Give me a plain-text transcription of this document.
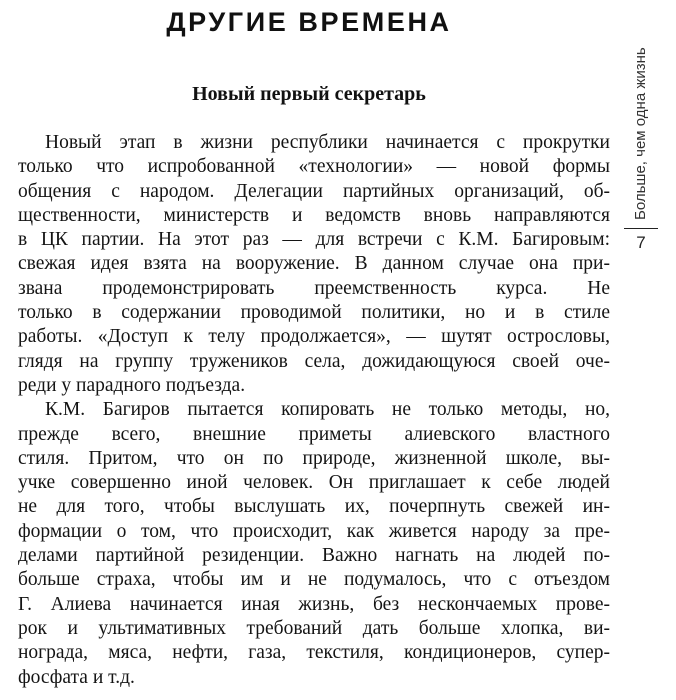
ДРУГИЕ ВРЕМЕНА
Новый первый секретарь

Новый этап в жизни республики начинается с прокрутки
только что испробованной «технологии» — новой формы
общения с народом. Делегации партийных организаций, об-
щественности, министерств и ведомств вновь направляются
в ЦК партии. На этот раз — для встречи с К.М. Багировым:
свежая идея взята на вооружение. В данном случае она при-
звана продемонстрировать преемственность курса. Не
только в содержании проводимой политики, но и в стиле
работы. «Доступ к телу продолжается», — шутят острословы,
глядя на группу тружеников села, дожидающуюся своей оче-
реди у парадного подъезда.

К.М. Багиров пытается копировать не только методы, но,
прежде всего, внешние приметы алиевского властного
стиля. Притом, что он по природе, жизненной школе, вы-
учке совершенно иной человек. Он приглашает к себе людей
не для того, чтобы выслушать их, почерпнуть свежей ин-
формации о том, что происходит, как живется народу за пре-
делами партийной резиденции. Важно нагнать на людей по-
больше страха, чтобы им и не подумалось, что с отъездом
Г. Алиева начинается иная жизнь, без нескончаемых прове-
рок и ультимативных требований дать больше хлопка, ви-
нограда, мяса, нефти, газа, текстиля, кондиционеров, супер-
фосфата и т.д.

Больше, чем одна жизнь
7
